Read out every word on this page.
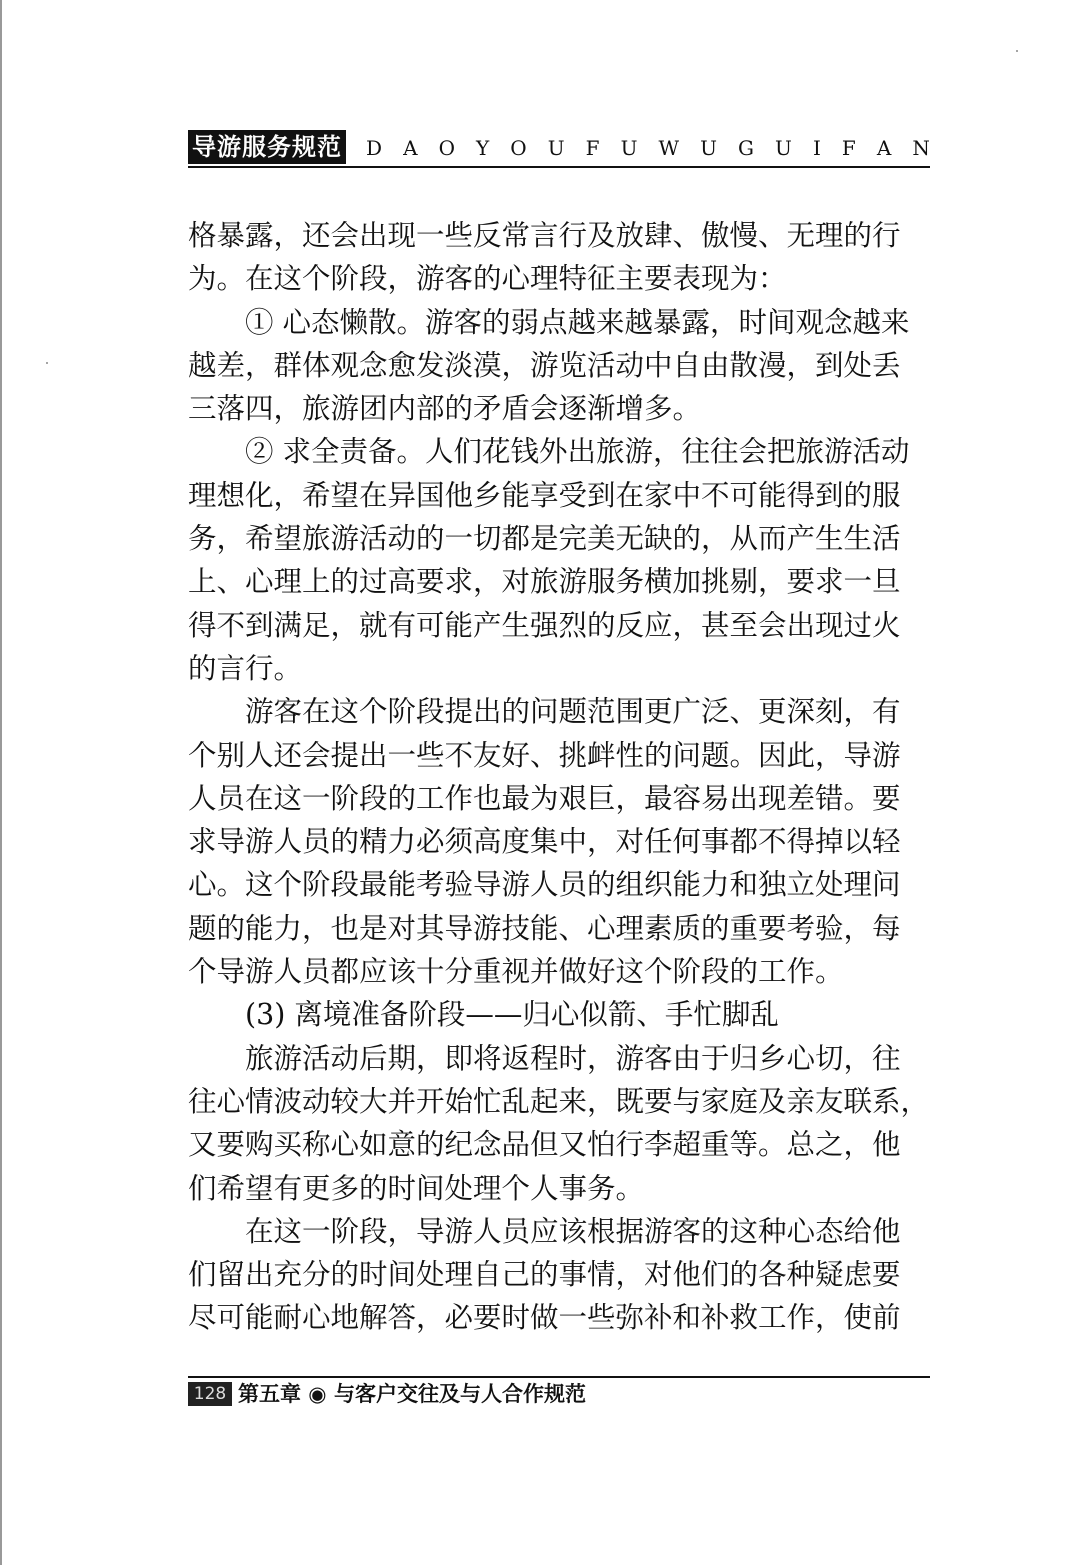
导游服务规范 D A O Y O U F U W U G U I F A N
格暴露，还会出现一些反常言行及放肆、傲慢、无理的行
为。在这个阶段，游客的心理特征主要表现为：
　　① 心态懒散。游客的弱点越来越暴露，时间观念越来
越差，群体观念愈发淡漠，游览活动中自由散漫，到处丢
三落四，旅游团内部的矛盾会逐渐增多。
　　② 求全责备。人们花钱外出旅游，往往会把旅游活动
理想化，希望在异国他乡能享受到在家中不可能得到的服
务，希望旅游活动的一切都是完美无缺的，从而产生生活
上、心理上的过高要求，对旅游服务横加挑剔，要求一旦
得不到满足，就有可能产生强烈的反应，甚至会出现过火
的言行。
　　游客在这个阶段提出的问题范围更广泛、更深刻，有
个别人还会提出一些不友好、挑衅性的问题。因此，导游
人员在这一阶段的工作也最为艰巨，最容易出现差错。要
求导游人员的精力必须高度集中，对任何事都不得掉以轻
心。这个阶段最能考验导游人员的组织能力和独立处理问
题的能力，也是对其导游技能、心理素质的重要考验，每
个导游人员都应该十分重视并做好这个阶段的工作。
　　(3) 离境准备阶段——归心似箭、手忙脚乱
　　旅游活动后期，即将返程时，游客由于归乡心切，往
往心情波动较大并开始忙乱起来，既要与家庭及亲友联系，
又要购买称心如意的纪念品但又怕行李超重等。总之，他
们希望有更多的时间处理个人事务。
　　在这一阶段，导游人员应该根据游客的这种心态给他
们留出充分的时间处理自己的事情，对他们的各种疑虑要
尽可能耐心地解答，必要时做一些弥补和补救工作，使前
128 第五章 ◉ 与客户交往及与人合作规范
